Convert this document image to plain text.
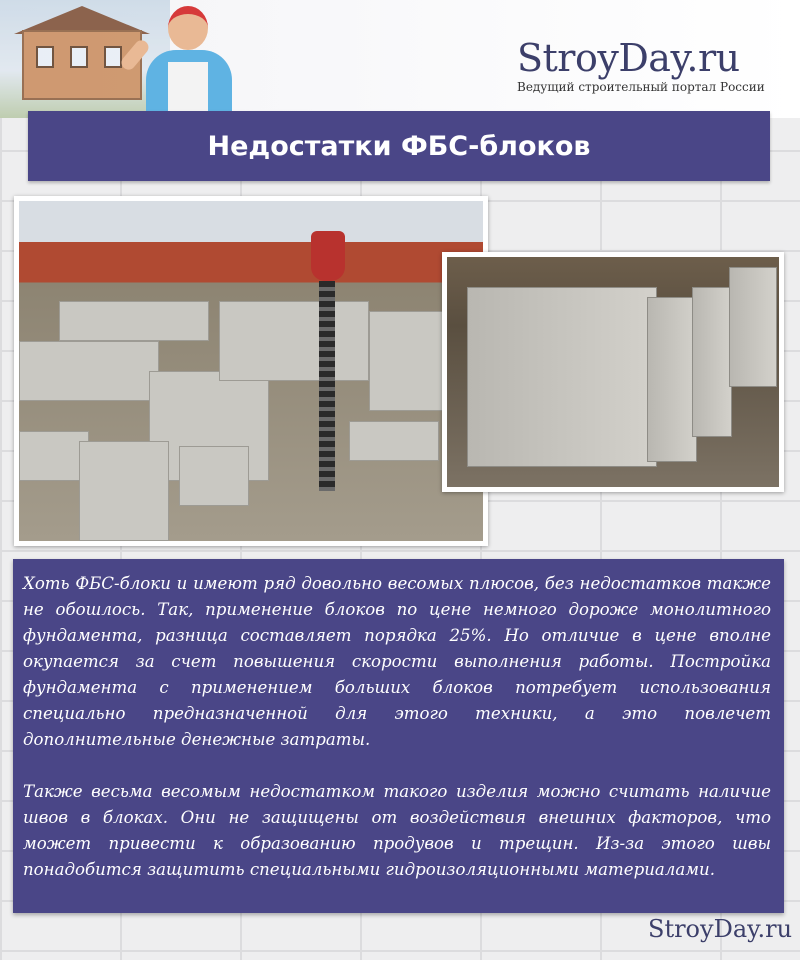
StroyDay.ru
Ведущий строительный портал России
Недостатки ФБС-блоков

Хоть ФБС-блоки и имеют ряд довольно весомых плюсов, без недостатков также не обошлось. Так, применение блоков по цене немного дороже монолитного фундамента, разница составляет порядка 25%. Но отличие в цене вполне окупается за счет повышения скорости выполнения работы. Постройка фундамента с применением больших блоков потребует использования специально предназначенной для этого техники, а это повлечет дополнительные денежные затраты.

Также весьма весомым недостатком такого изделия можно считать наличие швов в блоках. Они не защищены от воздействия внешних факторов, что может привести к образованию продувов и трещин. Из-за этого швы понадобится защитить специальными гидроизоляционными материалами.

StroyDay.ru
